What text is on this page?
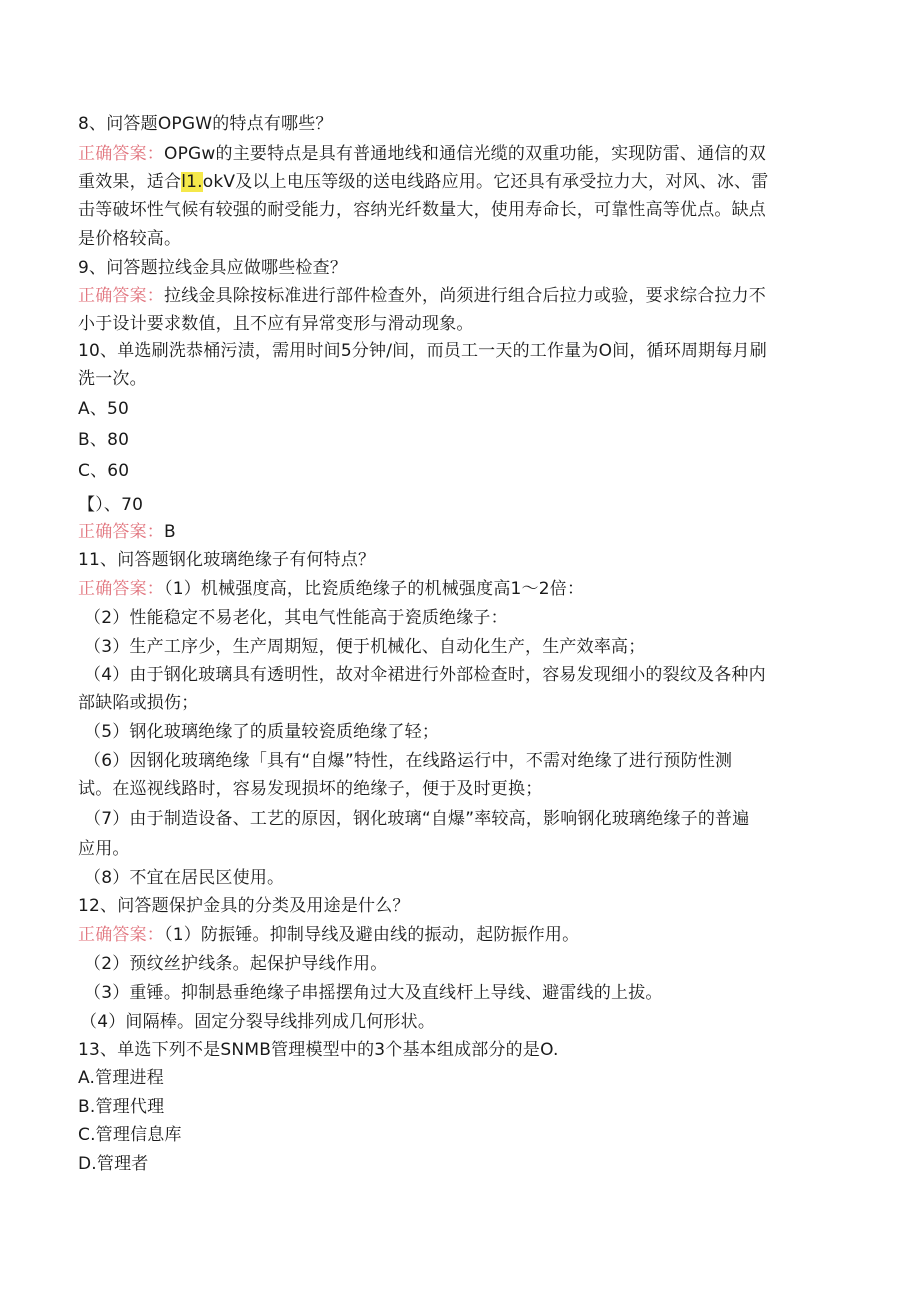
8、问答题OPGW的特点有哪些？
正确答案：OPGw的主要特点是具有普通地线和通信光缆的双重功能，实现防雷、通信的双
重效果，适合l1.okV及以上电压等级的送电线路应用。它还具有承受拉力大，对风、冰、雷
击等破坏性气候有较强的耐受能力，容纳光纤数量大，使用寿命长，可靠性高等优点。缺点
是价格较高。
9、问答题拉线金具应做哪些检查？
正确答案：拉线金具除按标准进行部件检查外，尚须进行组合后拉力或验，要求综合拉力不
小于设计要求数值，且不应有异常变形与滑动现象。
10、单选刷洗恭桶污渍，需用时间5分钟/间，而员工一天的工作量为O间，循环周期每月刷
洗一次。
A、50
B、80
C、60
【）、70
正确答案：B
11、问答题钢化玻璃绝缘子有何特点？
正确答案：（1）机械强度高，比瓷质绝缘子的机械强度高1～2倍：
（2）性能稳定不易老化，其电气性能高于瓷质绝缘子：
（3）生产工序少，生产周期短，便于机械化、自动化生产，生产效率高；
（4）由于钢化玻璃具有透明性，故对伞裙进行外部检查时，容易发现细小的裂纹及各种内
部缺陷或损伤；
（5）钢化玻璃绝缘了的质量较瓷质绝缘了轻；
（6）因钢化玻璃绝缘「具有“自爆”特性，在线路运行中，不需对绝缘了进行预防性测
试。在巡视线路时，容易发现损坏的绝缘子，便于及时更换；
（7）由于制造设备、工艺的原因，钢化玻璃“自爆”率较高，影响钢化玻璃绝缘子的普遍
应用。
（8）不宜在居民区使用。
12、问答题保护金具的分类及用途是什么？
正确答案：（1）防振锤。抑制导线及避由线的振动，起防振作用。
（2）预纹丝护线条。起保护导线作用。
（3）重锤。抑制悬垂绝缘子串摇摆角过大及直线杆上导线、避雷线的上拔。
（4）间隔棒。固定分裂导线排列成几何形状。
13、单选下列不是SNMB管理模型中的3个基本组成部分的是O.
A.管理进程
B.管理代理
C.管理信息库
D.管理者
